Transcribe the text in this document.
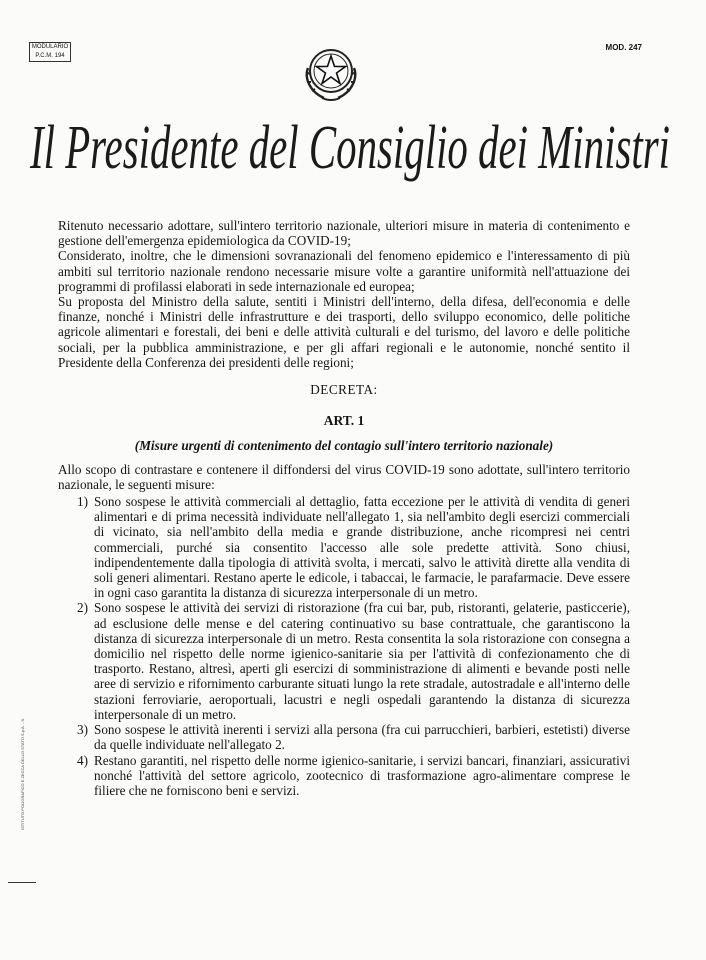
MODULARIO
P.C.M. 194
MOD. 247
Il Presidente del Consiglio dei Ministri

Ritenuto necessario adottare, sull'intero territorio nazionale, ulteriori misure in materia di contenimento e gestione dell'emergenza epidemiologica da COVID-19;

Considerato, inoltre, che le dimensioni sovranazionali del fenomeno epidemico e l'interessamento di più ambiti sul territorio nazionale rendono necessarie misure volte a garantire uniformità nell'attuazione dei programmi di profilassi elaborati in sede internazionale ed europea;

Su proposta del Ministro della salute, sentiti i Ministri dell'interno, della difesa, dell'economia e delle finanze, nonché i Ministri delle infrastrutture e dei trasporti, dello sviluppo economico, delle politiche agricole alimentari e forestali, dei beni e delle attività culturali e del turismo, del lavoro e delle politiche sociali, per la pubblica amministrazione, e per gli affari regionali e le autonomie, nonché sentito il Presidente della Conferenza dei presidenti delle regioni;

DECRETA:

ART. 1

(Misure urgenti di contenimento del contagio sull'intero territorio nazionale)

Allo scopo di contrastare e contenere il diffondersi del virus COVID-19 sono adottate, sull'intero territorio nazionale, le seguenti misure:

1) Sono sospese le attività commerciali al dettaglio, fatta eccezione per le attività di vendita di generi alimentari e di prima necessità individuate nell'allegato 1, sia nell'ambito degli esercizi commerciali di vicinato, sia nell'ambito della media e grande distribuzione, anche ricompresi nei centri commerciali, purché sia consentito l'accesso alle sole predette attività. Sono chiusi, indipendentemente dalla tipologia di attività svolta, i mercati, salvo le attività dirette alla vendita di soli generi alimentari. Restano aperte le edicole, i tabaccai, le farmacie, le parafarmacie. Deve essere in ogni caso garantita la distanza di sicurezza interpersonale di un metro.
2) Sono sospese le attività dei servizi di ristorazione (fra cui bar, pub, ristoranti, gelaterie, pasticcerie), ad esclusione delle mense e del catering continuativo su base contrattuale, che garantiscono la distanza di sicurezza interpersonale di un metro. Resta consentita la sola ristorazione con consegna a domicilio nel rispetto delle norme igienico-sanitarie sia per l'attività di confezionamento che di trasporto. Restano, altresì, aperti gli esercizi di somministrazione di alimenti e bevande posti nelle aree di servizio e rifornimento carburante situati lungo la rete stradale, autostradale e all'interno delle stazioni ferroviarie, aeroportuali, lacustri e negli ospedali garantendo la distanza di sicurezza interpersonale di un metro.
3) Sono sospese le attività inerenti i servizi alla persona (fra cui parrucchieri, barbieri, estetisti) diverse da quelle individuate nell'allegato 2.
4) Restano garantiti, nel rispetto delle norme igienico-sanitarie, i servizi bancari, finanziari, assicurativi nonché l'attività del settore agricolo, zootecnico di trasformazione agro-alimentare comprese le filiere che ne forniscono beni e servizi.
ISTITUTO POLIGRAFICO E ZECCA DELLO STATO S.p.A. - S.
